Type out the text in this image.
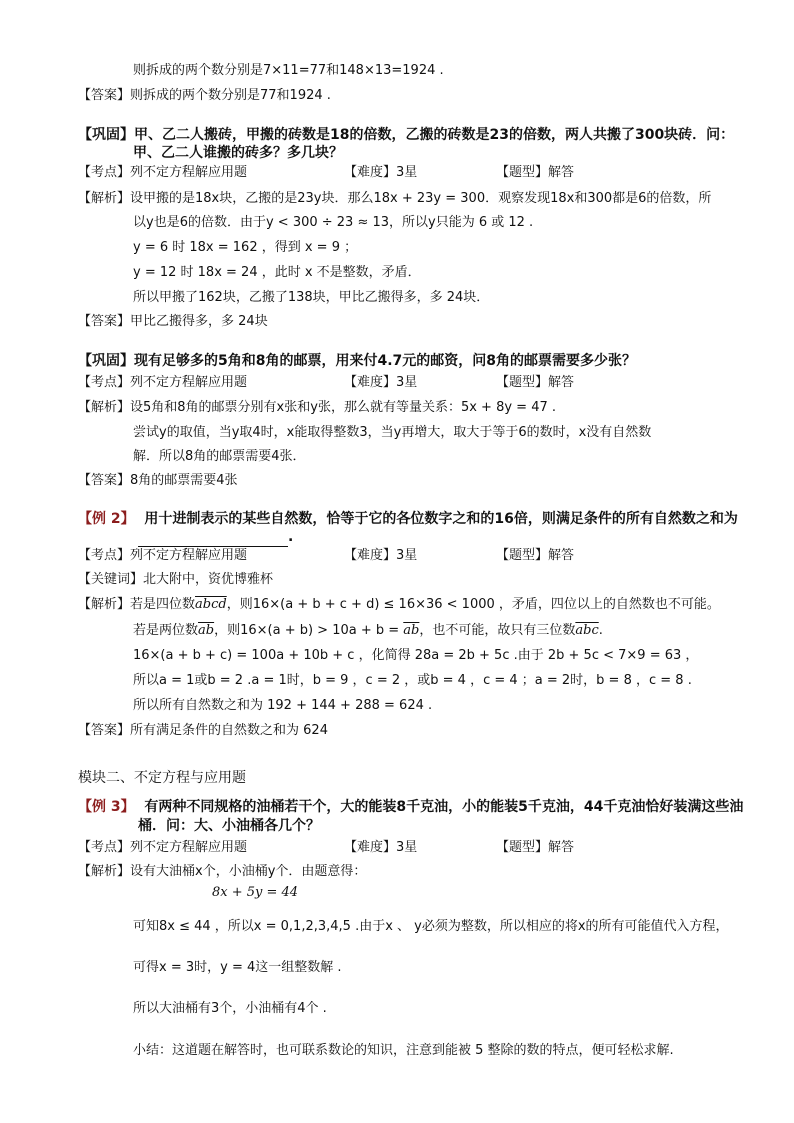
则拆成的两个数分别是7×11=77和148×13=1924 .
【答案】则拆成的两个数分别是77和1924 .
【巩固】甲、乙二人搬砖，甲搬的砖数是18的倍数，乙搬的砖数是23的倍数，两人共搬了300块砖．问：
甲、乙二人谁搬的砖多？多几块？
【考点】列不定方程解应用题	【难度】3星	【题型】解答
【解析】设甲搬的是18x块，乙搬的是23y块．那么18x + 23y = 300．观察发现18x和300都是6的倍数，所
以y也是6的倍数．由于y < 300 ÷ 23 ≈ 13，所以y只能为 6 或 12 .
y = 6 时 18x = 162 ，得到 x = 9 ；
y = 12 时 18x = 24 ，此时 x 不是整数，矛盾．
所以甲搬了162块，乙搬了138块，甲比乙搬得多，多 24块．
【答案】甲比乙搬得多，多 24块
【巩固】现有足够多的5角和8角的邮票，用来付4.7元的邮资，问8角的邮票需要多少张？
【考点】列不定方程解应用题	【难度】3星	【题型】解答
【解析】设5角和8角的邮票分别有x张和y张，那么就有等量关系：5x + 8y = 47 .
尝试y的取值，当y取4时，x能取得整数3，当y再增大，取大于等于6的数时，x没有自然数
解．所以8角的邮票需要4张．
【答案】8角的邮票需要4张
【例 2】 用十进制表示的某些自然数，恰等于它的各位数字之和的16倍，则满足条件的所有自然数之和为
.
【考点】列不定方程解应用题	【难度】3星	【题型】解答
【关键词】北大附中，资优博雅杯
【解析】若是四位数abcd，则16×(a + b + c + d) ≤ 16×36 < 1000 ，矛盾，四位以上的自然数也不可能。
若是两位数$\overline{ab}$，则$16\times(a + b) > 10a + b = \overline{ab}$，也不可能，故只有三位数$\overline{abc}$.
16×(a + b + c) = 100a + 10b + c ，化简得 28a = 2b + 5c .由于 2b + 5c < 7×9 = 63 ，
所以a = 1或b = 2 .a = 1时，b = 9 ，c = 2 ，或b = 4 ，c = 4 ；a = 2时，b = 8 ，c = 8 .
所以所有自然数之和为 192 + 144 + 288 = 624 .
【答案】所有满足条件的自然数之和为 624
模块二、不定方程与应用题
【例 3】 有两种不同规格的油桶若干个，大的能装8千克油，小的能装5千克油，44千克油恰好装满这些油
桶．问：大、小油桶各几个？
【考点】列不定方程解应用题	【难度】3星	【题型】解答
【解析】设有大油桶x个，小油桶y个．由题意得：
8x + 5y = 44
可知8x ≤ 44 ，所以x = 0,1,2,3,4,5 .由于x 、 y必须为整数，所以相应的将x的所有可能值代入方程，
可得x = 3时，y = 4这一组整数解 .
所以大油桶有3个，小油桶有4个 .
小结：这道题在解答时，也可联系数论的知识，注意到能被 5 整除的数的特点，便可轻松求解.
